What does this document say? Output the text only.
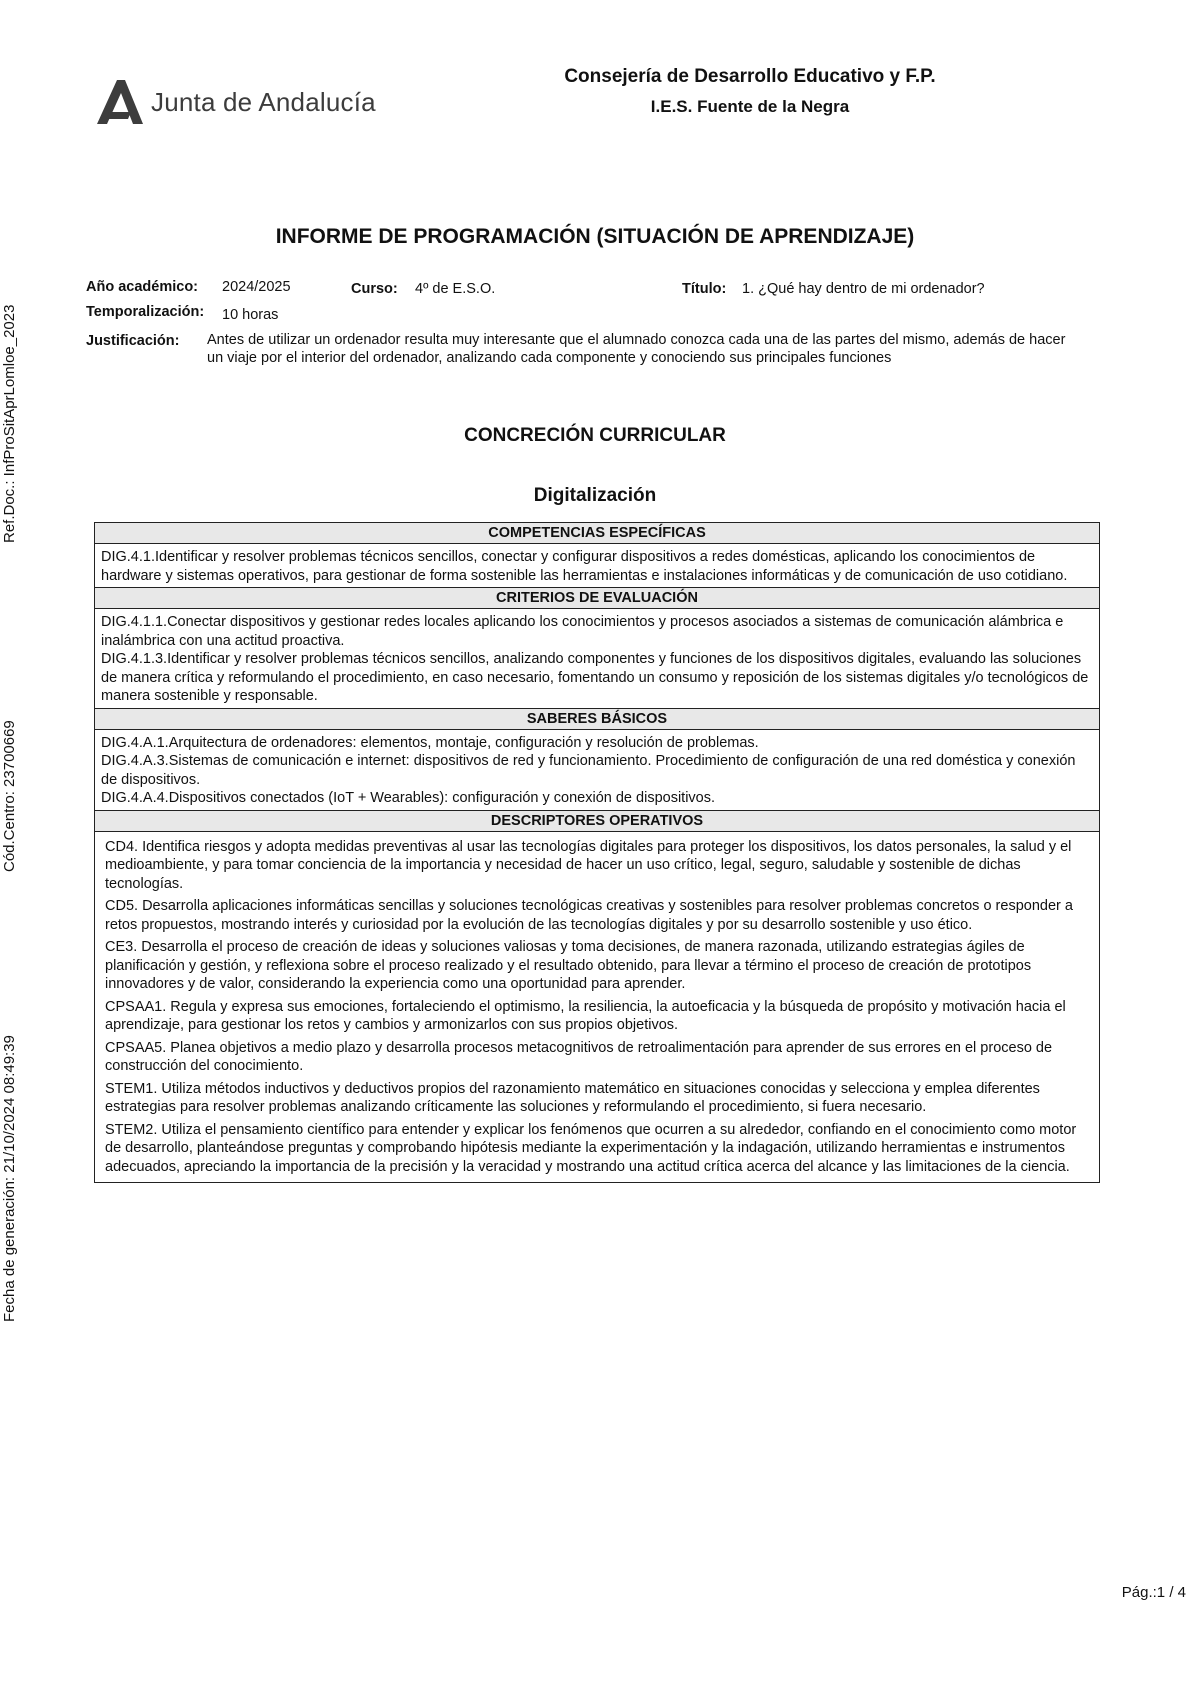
Junta de Andalucía
Consejería de Desarrollo Educativo y F.P.
I.E.S. Fuente de la Negra
Ref.Doc.: InfProSitAprLomloe_2023
Cód.Centro: 23700669
Fecha de generación: 21/10/2024 08:49:39
INFORME DE PROGRAMACIÓN (SITUACIÓN DE APRENDIZAJE)
Año académico: 2024/2025	Curso: 4º de E.S.O.	Título: 1. ¿Qué hay dentro de mi ordenador?
Temporalización: 10 horas
Justificación: Antes de utilizar un ordenador resulta muy interesante que el alumnado conozca cada una de las partes del mismo, además de hacer un viaje por el interior del ordenador, analizando cada componente y conociendo sus principales funciones
CONCRECIÓN CURRICULAR
Digitalización
COMPETENCIAS ESPECÍFICAS

DIG.4.1.Identificar y resolver problemas técnicos sencillos, conectar y configurar dispositivos a redes domésticas, aplicando los conocimientos de hardware y sistemas operativos, para gestionar de forma sostenible las herramientas e instalaciones informáticas y de comunicación de uso cotidiano.

CRITERIOS DE EVALUACIÓN

DIG.4.1.1.Conectar dispositivos y gestionar redes locales aplicando los conocimientos y procesos asociados a sistemas de comunicación alámbrica e inalámbrica con una actitud proactiva.

DIG.4.1.3.Identificar y resolver problemas técnicos sencillos, analizando componentes y funciones de los dispositivos digitales, evaluando las soluciones de manera crítica y reformulando el procedimiento, en caso necesario, fomentando un consumo y reposición de los sistemas digitales y/o tecnológicos de manera sostenible y responsable.

SABERES BÁSICOS

DIG.4.A.1.Arquitectura de ordenadores: elementos, montaje, configuración y resolución de problemas.

DIG.4.A.3.Sistemas de comunicación e internet: dispositivos de red y funcionamiento. Procedimiento de configuración de una red doméstica y conexión de dispositivos.

DIG.4.A.4.Dispositivos conectados (IoT + Wearables): configuración y conexión de dispositivos.

DESCRIPTORES OPERATIVOS

CD4. Identifica riesgos y adopta medidas preventivas al usar las tecnologías digitales para proteger los dispositivos, los datos personales, la salud y el medioambiente, y para tomar conciencia de la importancia y necesidad de hacer un uso crítico, legal, seguro, saludable y sostenible de dichas tecnologías.

CD5. Desarrolla aplicaciones informáticas sencillas y soluciones tecnológicas creativas y sostenibles para resolver problemas concretos o responder a retos propuestos, mostrando interés y curiosidad por la evolución de las tecnologías digitales y por su desarrollo sostenible y uso ético.

CE3. Desarrolla el proceso de creación de ideas y soluciones valiosas y toma decisiones, de manera razonada, utilizando estrategias ágiles de planificación y gestión, y reflexiona sobre el proceso realizado y el resultado obtenido, para llevar a término el proceso de creación de prototipos innovadores y de valor, considerando la experiencia como una oportunidad para aprender.

CPSAA1. Regula y expresa sus emociones, fortaleciendo el optimismo, la resiliencia, la autoeficacia y la búsqueda de propósito y motivación hacia el aprendizaje, para gestionar los retos y cambios y armonizarlos con sus propios objetivos.

CPSAA5. Planea objetivos a medio plazo y desarrolla procesos metacognitivos de retroalimentación para aprender de sus errores en el proceso de construcción del conocimiento.

STEM1. Utiliza métodos inductivos y deductivos propios del razonamiento matemático en situaciones conocidas y selecciona y emplea diferentes estrategias para resolver problemas analizando críticamente las soluciones y reformulando el procedimiento, si fuera necesario.

STEM2. Utiliza el pensamiento científico para entender y explicar los fenómenos que ocurren a su alrededor, confiando en el conocimiento como motor de desarrollo, planteándose preguntas y comprobando hipótesis mediante la experimentación y la indagación, utilizando herramientas e instrumentos adecuados, apreciando la importancia de la precisión y la veracidad y mostrando una actitud crítica acerca del alcance y las limitaciones de la ciencia.

Pág.:1 / 4
